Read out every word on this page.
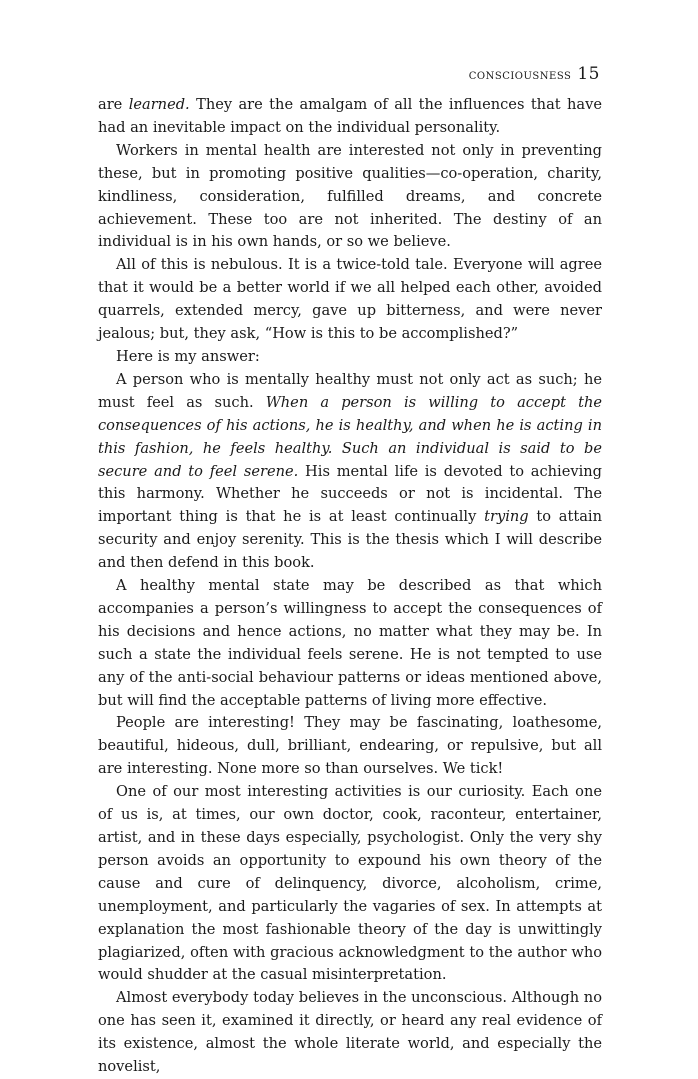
consciousness 15

are learned. They are the amalgam of all the influences that have had an inevitable impact on the individual personality.

Workers in mental health are interested not only in preventing these, but in promoting positive qualities—co-operation, charity, kindliness, consideration, fulfilled dreams, and concrete achievement. These too are not inherited. The destiny of an individual is in his own hands, or so we believe.

All of this is nebulous. It is a twice-told tale. Everyone will agree that it would be a better world if we all helped each other, avoided quarrels, extended mercy, gave up bitterness, and were never jealous; but, they ask, “How is this to be accomplished?”

Here is my answer:

A person who is mentally healthy must not only act as such; he must feel as such. When a person is willing to accept the consequences of his actions, he is healthy, and when he is acting in this fashion, he feels healthy. Such an individual is said to be secure and to feel serene. His mental life is devoted to achieving this harmony. Whether he succeeds or not is incidental. The important thing is that he is at least continually trying to attain security and enjoy serenity. This is the thesis which I will describe and then defend in this book.

A healthy mental state may be described as that which accompanies a person’s willingness to accept the consequences of his decisions and hence actions, no matter what they may be. In such a state the individual feels serene. He is not tempted to use any of the anti-social behaviour patterns or ideas mentioned above, but will find the acceptable patterns of living more effective.

People are interesting! They may be fascinating, loathesome, beautiful, hideous, dull, brilliant, endearing, or repulsive, but all are interesting. None more so than ourselves. We tick!

One of our most interesting activities is our curiosity. Each one of us is, at times, our own doctor, cook, raconteur, entertainer, artist, and in these days especially, psychologist. Only the very shy person avoids an opportunity to expound his own theory of the cause and cure of delinquency, divorce, alcoholism, crime, unemployment, and particularly the vagaries of sex. In attempts at explanation the most fashionable theory of the day is unwittingly plagiarized, often with gracious acknowledgment to the author who would shudder at the casual misinterpretation.

Almost everybody today believes in the unconscious. Although no one has seen it, examined it directly, or heard any real evidence of its existence, almost the whole literate world, and especially the novelist,
